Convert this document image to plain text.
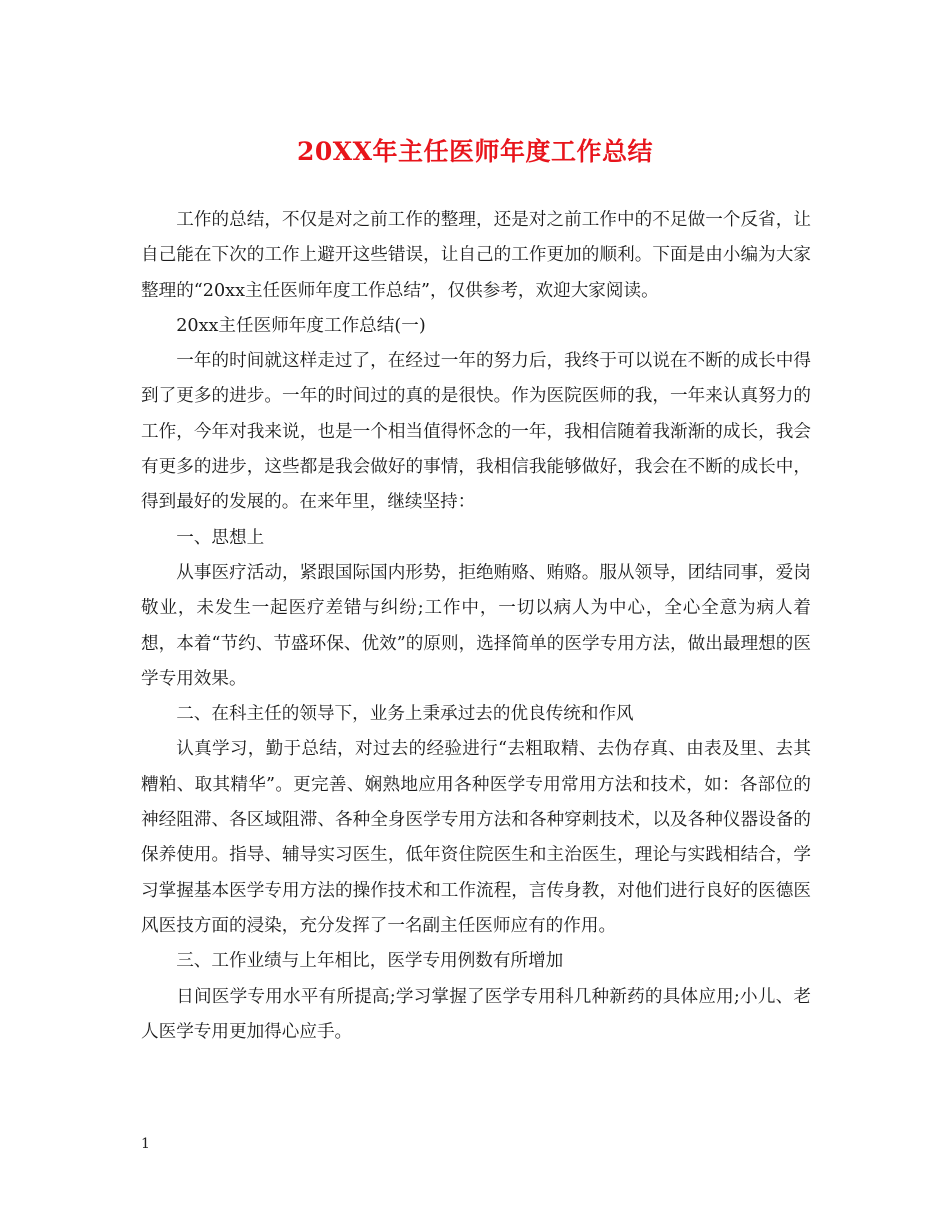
20XX年主任医师年度工作总结

工作的总结，不仅是对之前工作的整理，还是对之前工作中的不足做一个反省，让自己能在下次的工作上避开这些错误，让自己的工作更加的顺利。下面是由小编为大家整理的“20xx主任医师年度工作总结”，仅供参考，欢迎大家阅读。

20xx主任医师年度工作总结(一)

一年的时间就这样走过了，在经过一年的努力后，我终于可以说在不断的成长中得到了更多的进步。一年的时间过的真的是很快。作为医院医师的我，一年来认真努力的工作，今年对我来说，也是一个相当值得怀念的一年，我相信随着我渐渐的成长，我会有更多的进步，这些都是我会做好的事情，我相信我能够做好，我会在不断的成长中，得到最好的发展的。在来年里，继续坚持：

一、思想上

从事医疗活动，紧跟国际国内形势，拒绝贿赂、贿赂。服从领导，团结同事，爱岗敬业，未发生一起医疗差错与纠纷;工作中，一切以病人为中心，全心全意为病人着想，本着“节约、节盛环保、优效”的原则，选择简单的医学专用方法，做出最理想的医学专用效果。

二、在科主任的领导下，业务上秉承过去的优良传统和作风

认真学习，勤于总结，对过去的经验进行“去粗取精、去伪存真、由表及里、去其糟粕、取其精华”。更完善、娴熟地应用各种医学专用常用方法和技术，如：各部位的神经阻滞、各区域阻滞、各种全身医学专用方法和各种穿刺技术，以及各种仪器设备的保养使用。指导、辅导实习医生，低年资住院医生和主治医生，理论与实践相结合，学习掌握基本医学专用方法的操作技术和工作流程，言传身教，对他们进行良好的医德医风医技方面的浸染，充分发挥了一名副主任医师应有的作用。

三、工作业绩与上年相比，医学专用例数有所增加

日间医学专用水平有所提高;学习掌握了医学专用科几种新药的具体应用;小儿、老人医学专用更加得心应手。

1
